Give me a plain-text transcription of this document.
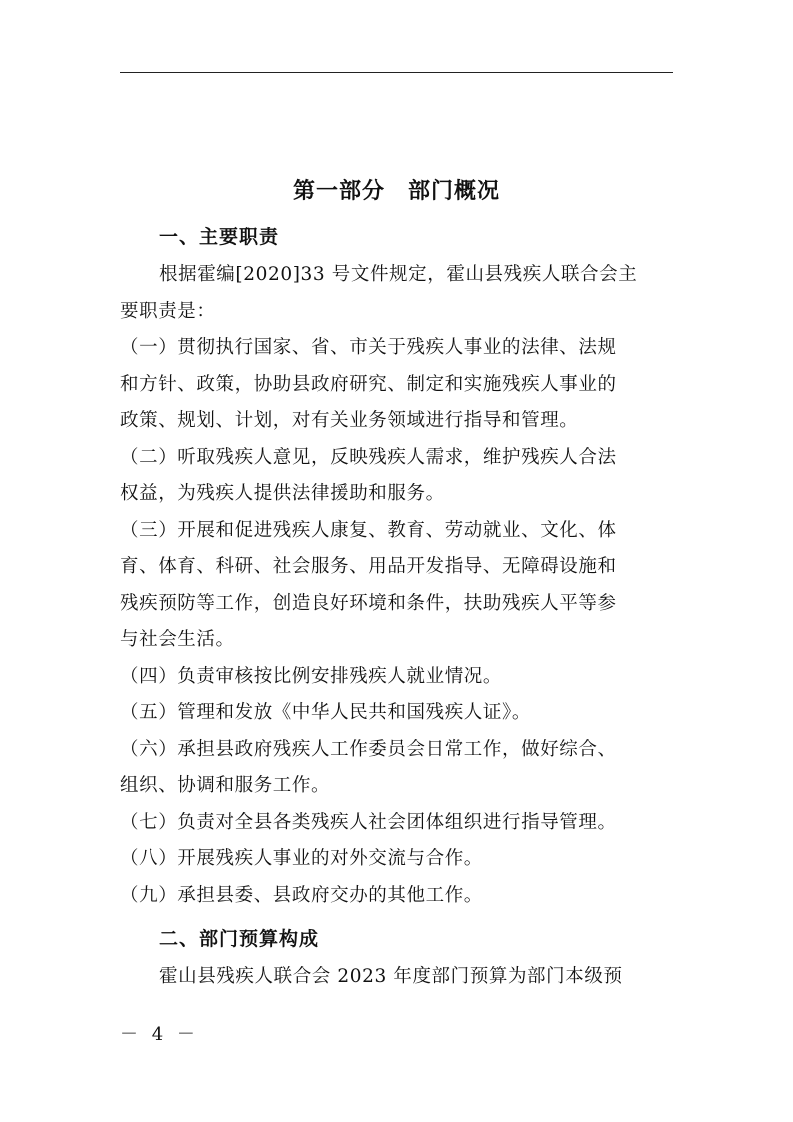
第一部分　部门概况
一、主要职责
根据霍编[2020]33 号文件规定，霍山县残疾人联合会主
要职责是：
（一）贯彻执行国家、省、市关于残疾人事业的法律、法规
和方针、政策，协助县政府研究、制定和实施残疾人事业的
政策、规划、计划，对有关业务领域进行指导和管理。
（二）听取残疾人意见，反映残疾人需求，维护残疾人合法
权益，为残疾人提供法律援助和服务。
（三）开展和促进残疾人康复、教育、劳动就业、文化、体
育、体育、科研、社会服务、用品开发指导、无障碍设施和
残疾预防等工作，创造良好环境和条件，扶助残疾人平等参
与社会生活。
（四）负责审核按比例安排残疾人就业情况。
（五）管理和发放《中华人民共和国残疾人证》。
（六）承担县政府残疾人工作委员会日常工作，做好综合、
组织、协调和服务工作。
（七）负责对全县各类残疾人社会团体组织进行指导管理。
（八）开展残疾人事业的对外交流与合作。
（九）承担县委、县政府交办的其他工作。
二、部门预算构成
霍山县残疾人联合会 2023 年度部门预算为部门本级预
－ 4 －
